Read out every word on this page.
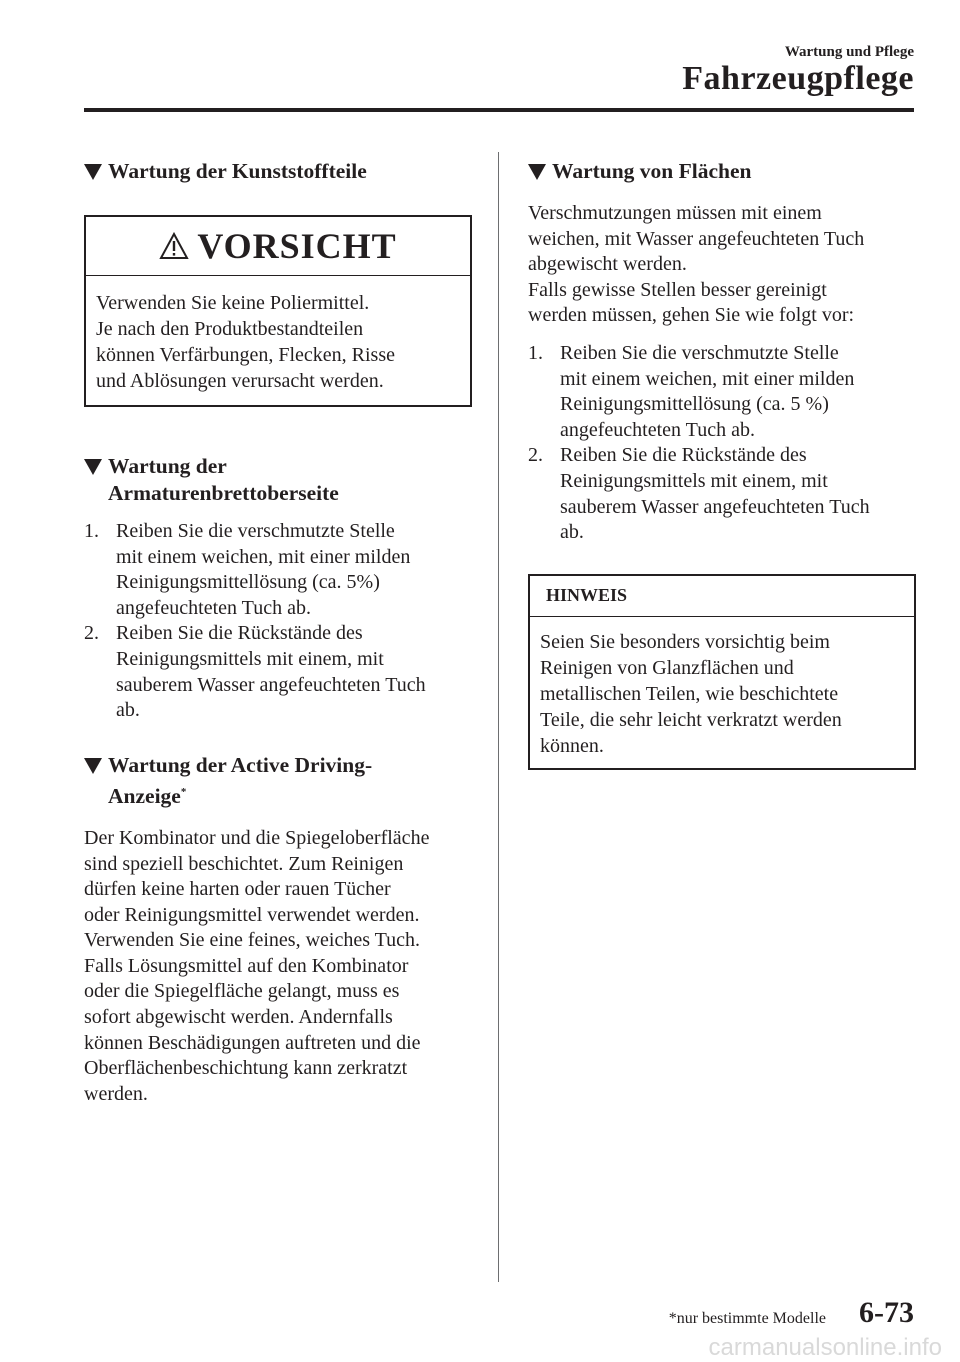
Wartung und Pflege
Fahrzeugpflege
Wartung der Kunststoffteile
VORSICHT
Verwenden Sie keine Poliermittel.
Je nach den Produktbestandteilen
können Verfärbungen, Flecken, Risse
und Ablösungen verursacht werden.
Wartung der
Armaturenbrettoberseite
1. Reiben Sie die verschmutzte Stelle
mit einem weichen, mit einer milden
Reinigungsmittellösung (ca. 5%)
angefeuchteten Tuch ab.
2. Reiben Sie die Rückstände des
Reinigungsmittels mit einem, mit
sauberem Wasser angefeuchteten Tuch
ab.
Wartung der Active Driving-
Anzeige*

Der Kombinator und die Spiegeloberfläche
sind speziell beschichtet. Zum Reinigen
dürfen keine harten oder rauen Tücher
oder Reinigungsmittel verwendet werden.
Verwenden Sie eine feines, weiches Tuch.
Falls Lösungsmittel auf den Kombinator
oder die Spiegelfläche gelangt, muss es
sofort abgewischt werden. Andernfalls
können Beschädigungen auftreten und die
Oberflächenbeschichtung kann zerkratzt
werden.

Wartung von Flächen

Verschmutzungen müssen mit einem
weichen, mit Wasser angefeuchteten Tuch
abgewischt werden.
Falls gewisse Stellen besser gereinigt
werden müssen, gehen Sie wie folgt vor:

1. Reiben Sie die verschmutzte Stelle
mit einem weichen, mit einer milden
Reinigungsmittellösung (ca. 5 %)
angefeuchteten Tuch ab.
2. Reiben Sie die Rückstände des
Reinigungsmittels mit einem, mit
sauberem Wasser angefeuchteten Tuch
ab.
HINWEIS
Seien Sie besonders vorsichtig beim
Reinigen von Glanzflächen und
metallischen Teilen, wie beschichtete
Teile, die sehr leicht verkratzt werden
können.
*nur bestimmte Modelle 6-73
carmanualsonline.info
